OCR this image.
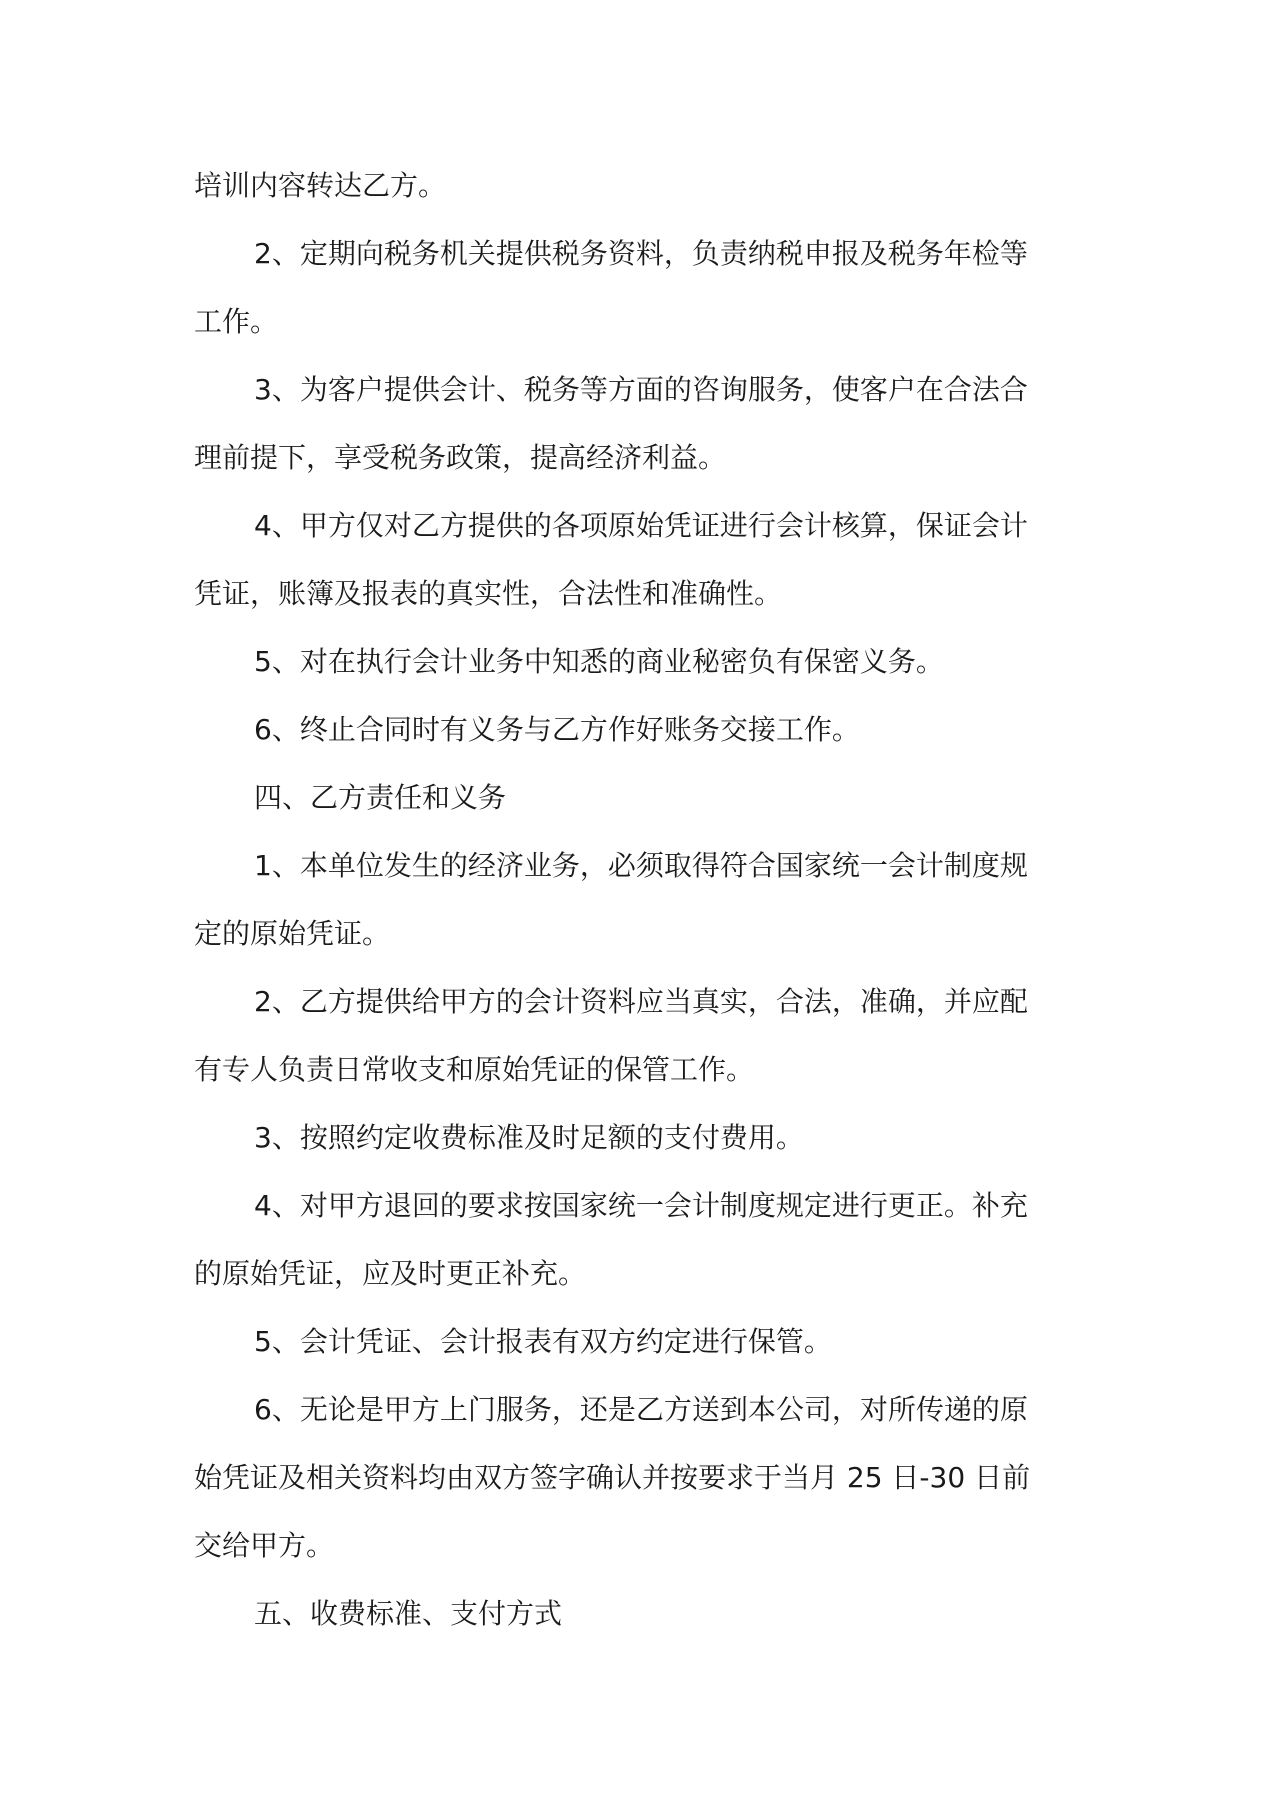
培训内容转达乙方。

2、定期向税务机关提供税务资料，负责纳税申报及税务年检等

工作。

3、为客户提供会计、税务等方面的咨询服务，使客户在合法合

理前提下，享受税务政策，提高经济利益。

4、甲方仅对乙方提供的各项原始凭证进行会计核算，保证会计

凭证，账簿及报表的真实性，合法性和准确性。

5、对在执行会计业务中知悉的商业秘密负有保密义务。

6、终止合同时有义务与乙方作好账务交接工作。

四、乙方责任和义务

1、本单位发生的经济业务，必须取得符合国家统一会计制度规

定的原始凭证。

2、乙方提供给甲方的会计资料应当真实，合法，准确，并应配

有专人负责日常收支和原始凭证的保管工作。

3、按照约定收费标准及时足额的支付费用。

4、对甲方退回的要求按国家统一会计制度规定进行更正。补充

的原始凭证，应及时更正补充。

5、会计凭证、会计报表有双方约定进行保管。

6、无论是甲方上门服务，还是乙方送到本公司，对所传递的原

始凭证及相关资料均由双方签字确认并按要求于当月 25 日-30 日前

交给甲方。

五、收费标准、支付方式
